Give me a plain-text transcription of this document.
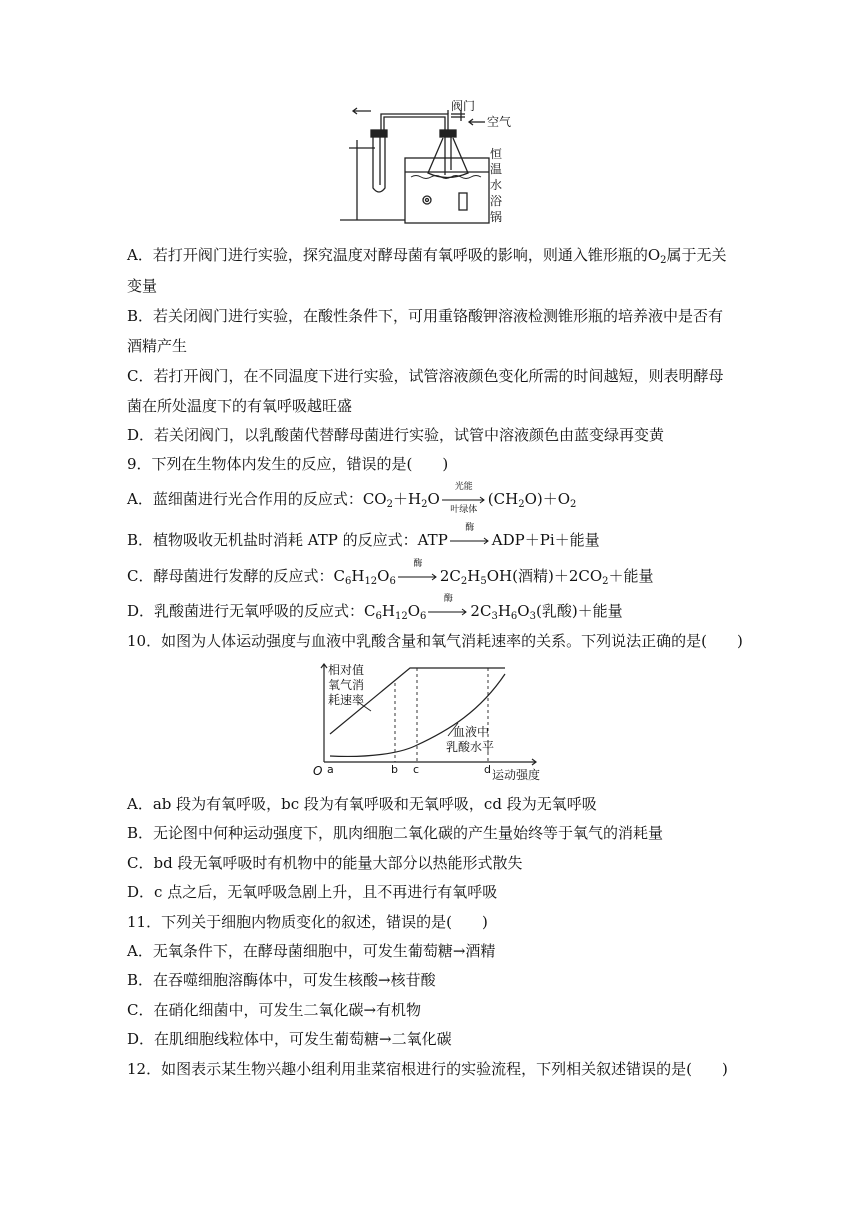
阀门
空气
恒
温
水
浴
锅
A．若打开阀门进行实验，探究温度对酵母菌有氧呼吸的影响，则通入锥形瓶的$O_2$属于无关
变量
B．若关闭阀门进行实验，在酸性条件下，可用重铬酸钾溶液检测锥形瓶的培养液中是否有
酒精产生
C．若打开阀门，在不同温度下进行实验，试管溶液颜色变化所需的时间越短，则表明酵母
菌在所处温度下的有氧呼吸越旺盛
D．若关闭阀门，以乳酸菌代替酵母菌进行实验，试管中溶液颜色由蓝变绿再变黄
9．下列在生物体内发生的反应，错误的是(　　)
A．蓝细菌进行光合作用的反应式：$CO_2+H_2O$
光能
叶绿体
$(CH_2O)+O_2$
B．植物吸收无机盐时消耗 ATP 的反应式：ATP
酶
ADP＋Pi＋能量
C．酵母菌进行发酵的反应式：$C_6H_{12}O_6$
酶
$2C_2H_5OH$(酒精)$+2CO_2+$能量
D．乳酸菌进行无氧呼吸的反应式：$C_6H_{12}O_6$
酶
$2C_3H_6O_3$(乳酸)＋能量
10．如图为人体运动强度与血液中乳酸含量和氧气消耗速率的关系。下列说法正确的是(　　)
相对值
氧气消
耗速率
血液中
乳酸水平
O a	b c	d 运动强度
A．ab 段为有氧呼吸，bc 段为有氧呼吸和无氧呼吸，cd 段为无氧呼吸
B．无论图中何种运动强度下，肌肉细胞二氧化碳的产生量始终等于氧气的消耗量
C．bd 段无氧呼吸时有机物中的能量大部分以热能形式散失
D．c 点之后，无氧呼吸急剧上升，且不再进行有氧呼吸
11．下列关于细胞内物质变化的叙述，错误的是(　　)
A．无氧条件下，在酵母菌细胞中，可发生葡萄糖→酒精
B．在吞噬细胞溶酶体中，可发生核酸→核苷酸
C．在硝化细菌中，可发生二氧化碳→有机物
D．在肌细胞线粒体中，可发生葡萄糖→二氧化碳
12．如图表示某生物兴趣小组利用韭菜宿根进行的实验流程，下列相关叙述错误的是(　　)
